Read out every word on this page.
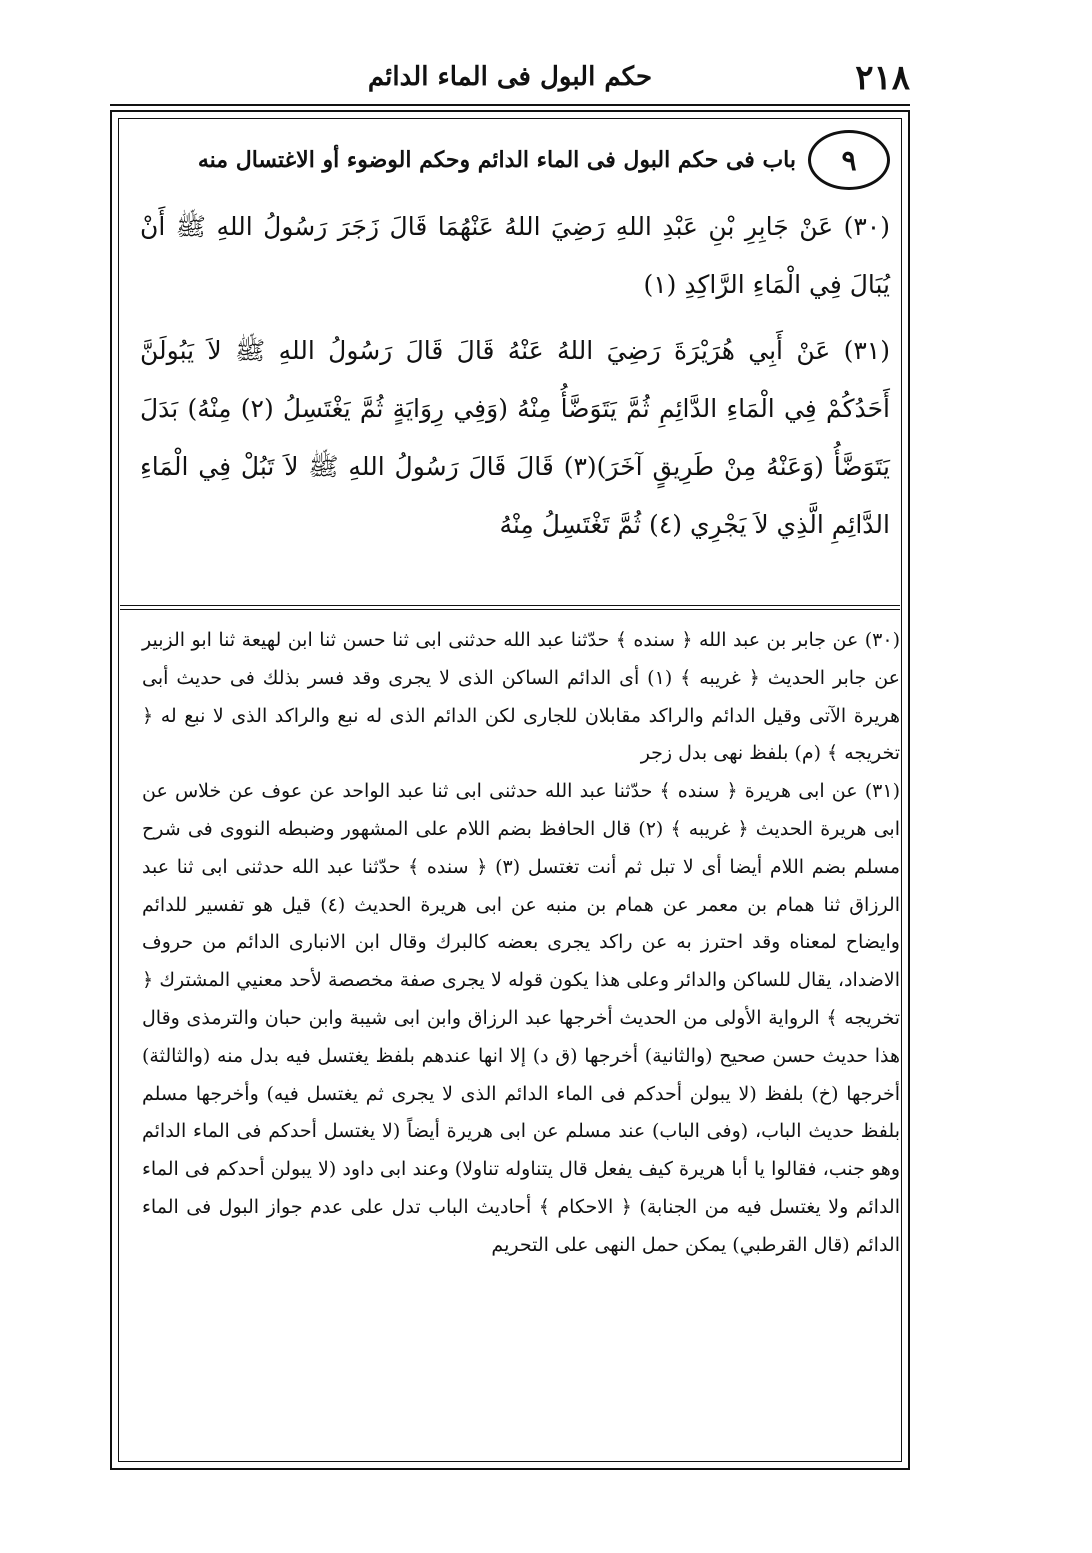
٢١٨
حكم البول فى الماء الدائم
٩
باب فى حكم البول فى الماء الدائم وحكم الوضوء أو الاغتسال منه

(٣٠) عَنْ جَابِرِ بْنِ عَبْدِ اللهِ رَضِيَ اللهُ عَنْهُمَا قَالَ زَجَرَ رَسُولُ اللهِ ﷺ أَنْ يُبَالَ فِي الْمَاءِ الرَّاكِدِ (١)

(٣١) عَنْ أَبِي هُرَيْرَةَ رَضِيَ اللهُ عَنْهُ قَالَ قَالَ رَسُولُ اللهِ ﷺ لاَ يَبُولَنَّ أَحَدُكُمْ فِي الْمَاءِ الدَّائِمِ ثُمَّ يَتَوَضَّأُ مِنْهُ (وَفِي رِوَايَةٍ ثُمَّ يَغْتَسِلُ (٢) مِنْهُ) بَدَلَ يَتَوَضَّأُ (وَعَنْهُ مِنْ طَرِيقٍ آخَرَ)(٣) قَالَ قَالَ رَسُولُ اللهِ ﷺ لاَ تَبُلْ فِي الْمَاءِ الدَّائِمِ الَّذِي لاَ يَجْرِي (٤) ثُمَّ تَغْتَسِلُ مِنْهُ

(٣٠) عن جابر بن عبد الله ﴿ سنده ﴾ حدّثنا عبد الله حدثنى ابى ثنا حسن ثنا ابن لهيعة ثنا ابو الزبير عن جابر الحديث ﴿ غريبه ﴾ (١) أى الدائم الساكن الذى لا يجرى وقد فسر بذلك فى حديث أبى هريرة الآتى وقيل الدائم والراكد مقابلان للجارى لكن الدائم الذى له نبع والراكد الذى لا نبع له ﴿ تخريجه ﴾ (م) بلفظ نهى بدل زجر

(٣١) عن ابى هريرة ﴿ سنده ﴾ حدّثنا عبد الله حدثنى ابى ثنا عبد الواحد عن عوف عن خلاس عن ابى هريرة الحديث ﴿ غريبه ﴾ (٢) قال الحافظ بضم اللام على المشهور وضبطه النووى فى شرح مسلم بضم اللام أيضا أى لا تبل ثم أنت تغتسل (٣) ﴿ سنده ﴾ حدّثنا عبد الله حدثنى ابى ثنا عبد الرزاق ثنا همام بن معمر عن همام بن منبه عن ابى هريرة الحديث (٤) قيل هو تفسير للدائم وايضاح لمعناه وقد احترز به عن راكد يجرى بعضه كالبرك وقال ابن الانبارى الدائم من حروف الاضداد، يقال للساكن والدائر وعلى هذا يكون قوله لا يجرى صفة مخصصة لأحد معنيي المشترك ﴿ تخريجه ﴾ الرواية الأولى من الحديث أخرجها عبد الرزاق وابن ابى شيبة وابن حبان والترمذى وقال هذا حديث حسن صحيح (والثانية) أخرجها (ق د) إلا انها عندهم بلفظ يغتسل فيه بدل منه (والثالثة) أخرجها (خ) بلفظ (لا يبولن أحدكم فى الماء الدائم الذى لا يجرى ثم يغتسل فيه) وأخرجها مسلم بلفظ حديث الباب، (وفى الباب) عند مسلم عن ابى هريرة أيضاً (لا يغتسل أحدكم فى الماء الدائم وهو جنب، فقالوا يا أبا هريرة كيف يفعل قال يتناوله تناولا) وعند ابى داود (لا يبولن أحدكم فى الماء الدائم ولا يغتسل فيه من الجنابة) ﴿ الاحكام ﴾ أحاديث الباب تدل على عدم جواز البول فى الماء الدائم (قال القرطبي) يمكن حمل النهى على التحريم
